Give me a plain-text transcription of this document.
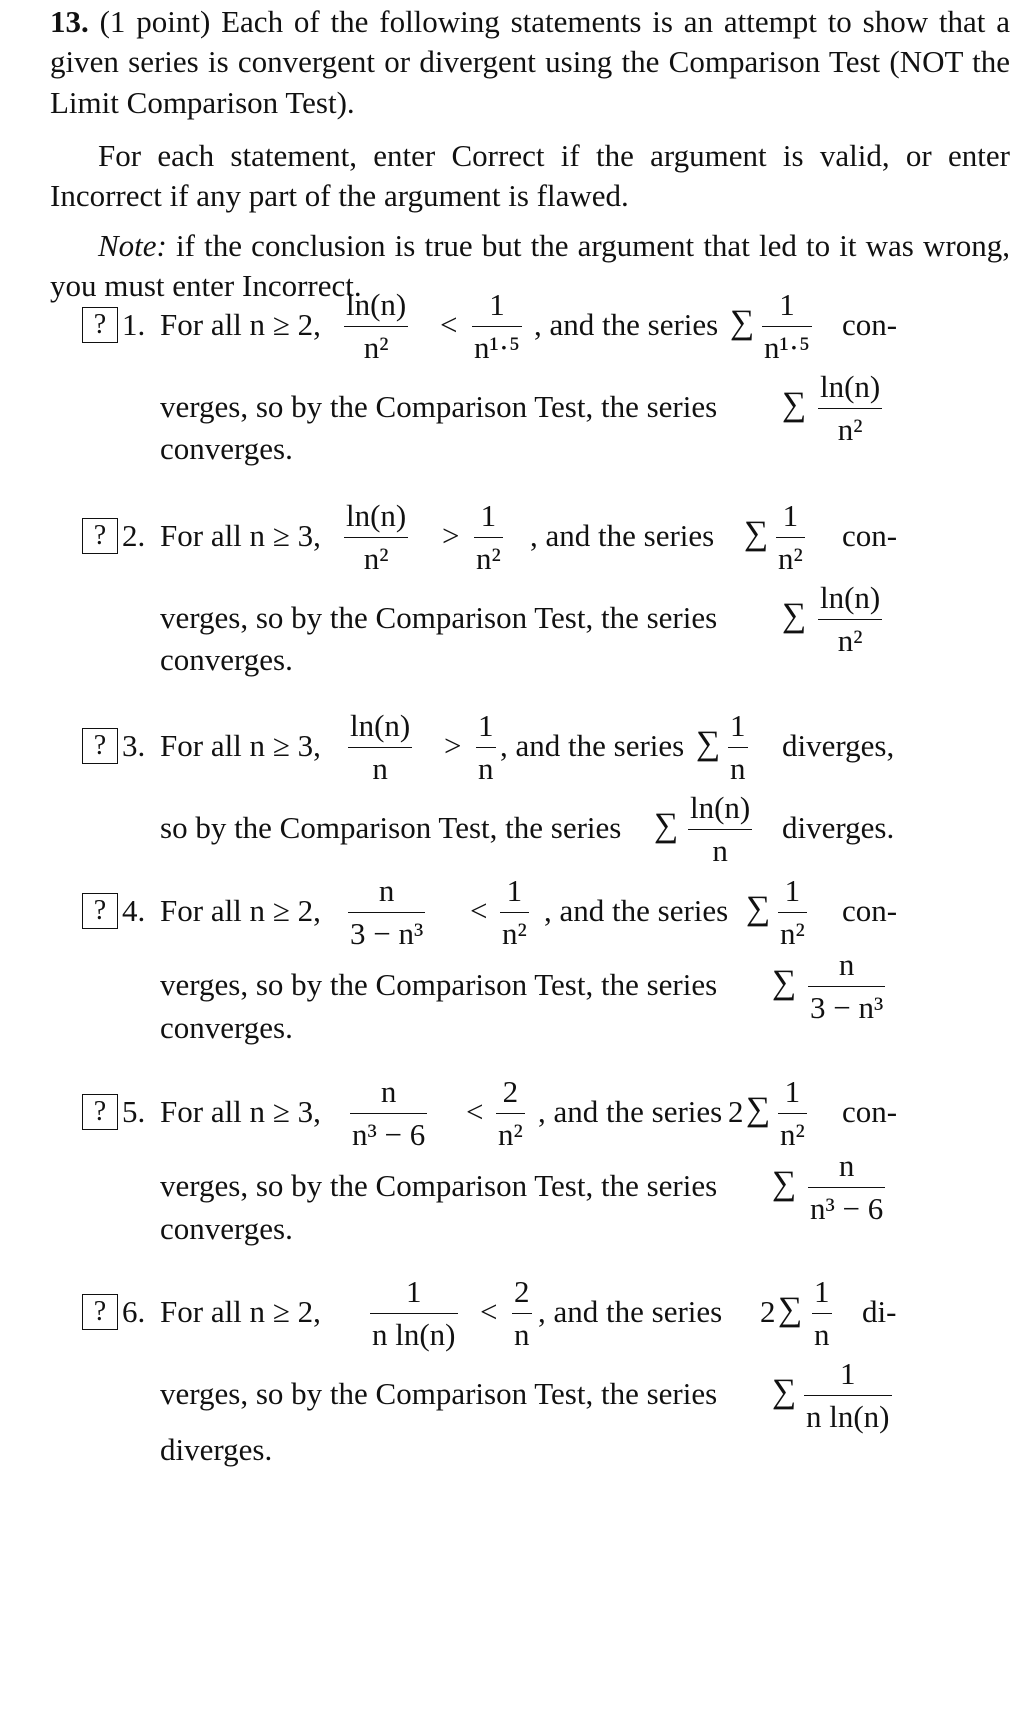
13. (1 point) Each of the following statements is an attempt to show that a given series is convergent or divergent using the Comparison Test (NOT the Limit Comparison Test).

For each statement, enter Correct if the argument is valid, or enter Incorrect if any part of the argument is flawed.

Note: if the conclusion is true but the argument that led to it was wrong, you must enter Incorrect.

? 1. For all n ≥ 2,
ln(n)
n²
<
1
n¹·⁵
, and the series ∑ 1
n¹·⁵
con-
verges, so by the Comparison Test, the series ∑ ln(n)
n²
converges.
? 2. For all n ≥ 3,
ln(n)
n²
>
1
n²
, and the series ∑ 1
n²
con-
verges, so by the Comparison Test, the series ∑ ln(n)
n²
converges.
? 3. For all n ≥ 3,
ln(n)
n
>
1
n
, and the series ∑ 1
n
diverges,
so by the Comparison Test, the series ∑ ln(n)
n
diverges.
? 4. For all n ≥ 2,
n
3 − n³
<
1
n²
, and the series ∑ 1
n²
con-
verges, so by the Comparison Test, the series ∑	n
3 − n³
converges.
? 5. For all n ≥ 3,
n
n³ − 6
<
2
n²
, and the series 2 ∑ 1
n²
con-
verges, so by the Comparison Test, the series ∑	n
n³ − 6
converges.
? 6. For all n ≥ 2,
1
n ln(n)
<
2
n
, and the series 2 ∑ 1
n
di-
verges, so by the Comparison Test, the series ∑	1
n ln(n)
diverges.
